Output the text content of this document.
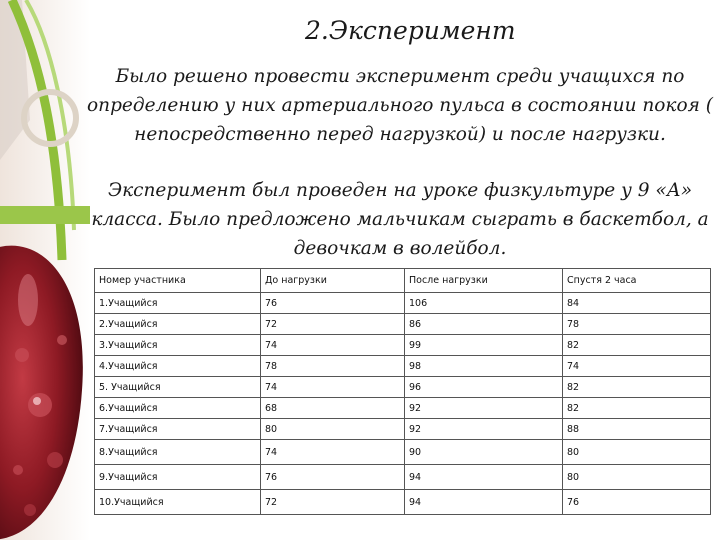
2.Эксперимент

Было решено провести эксперимент среди учащихся по определению у них артериального пульса в состоянии покоя ( непосредственно перед нагрузкой) и после нагрузки.

Эксперимент был проведен на уроке физкультуре у 9 «А» класса. Было предложено мальчикам сыграть в баскетбол, а девочкам в волейбол.

Номер участника	До нагрузки	После нагрузки	Спустя 2 часа
1.Учащийся	76	106	84
2.Учащийся	72	86	78
3.Учащийся	74	99	82
4.Учащийся	78	98	74
5. Учащийся	74	96	82
6.Учащийся	68	92	82
7.Учащийся	80	92	88
8.Учащийся	74	90	80
9.Учащийся	76	94	80
10.Учащийся	72	94	76
